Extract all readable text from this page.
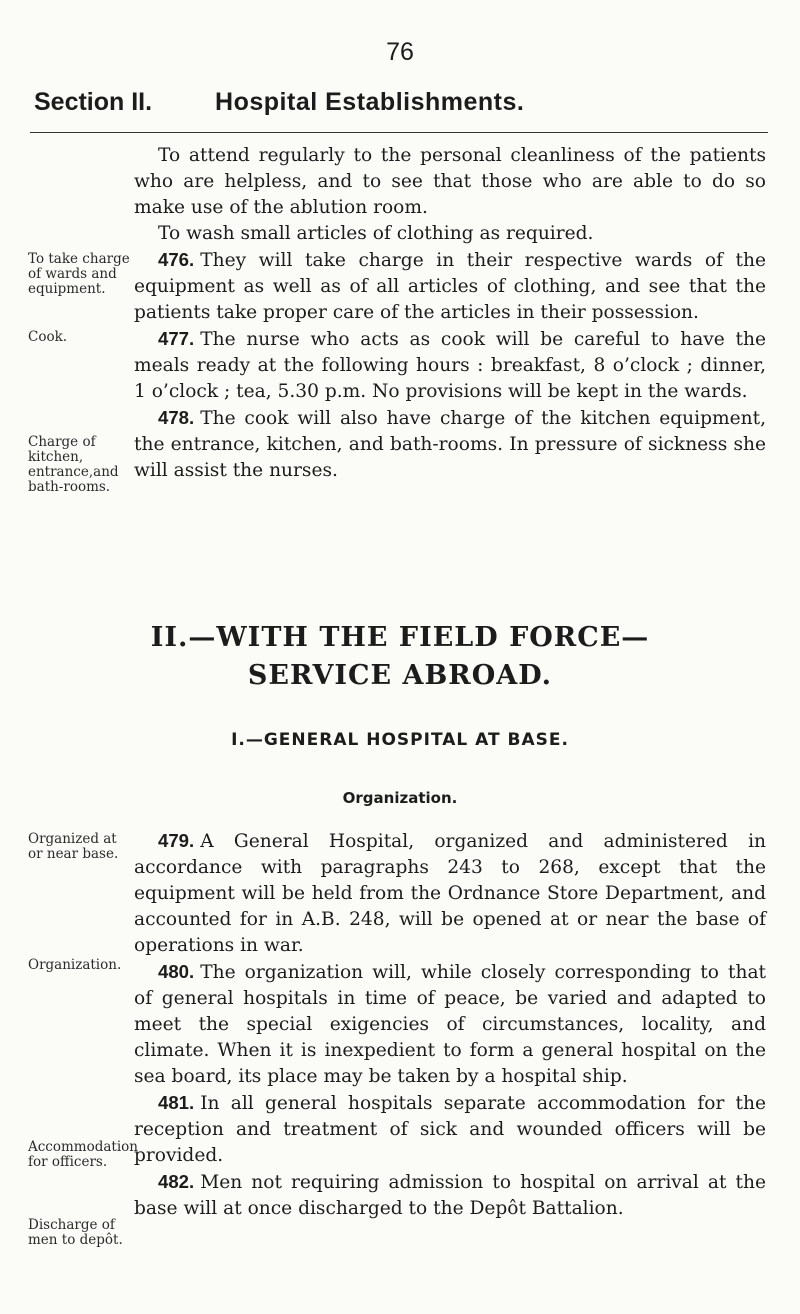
76
Section II.	Hospital Establishments.

To attend regularly to the personal cleanliness of the patients who are helpless, and to see that those who are able to do so make use of the ablution room.

To wash small articles of clothing as required.

476. They will take charge in their respective wards of the equipment as well as of all articles of clothing, and see that the patients take proper care of the articles in their possession.

477. The nurse who acts as cook will be careful to have the meals ready at the following hours : breakfast, 8 o’clock ; dinner, 1 o’clock ; tea, 5.30 p.m. No provisions will be kept in the wards.

478. The cook will also have charge of the kitchen equipment, the entrance, kitchen, and bath-rooms. In pressure of sickness she will assist the nurses.

To take charge of wards and equipment.
Cook.
Charge of kitchen, entrance,and bath-rooms.
II.—WITH THE FIELD FORCE—
SERVICE ABROAD.
I.—GENERAL HOSPITAL AT BASE.
Organization.

479. A General Hospital, organized and administered in accordance with paragraphs 243 to 268, except that the equipment will be held from the Ordnance Store Department, and accounted for in A.B. 248, will be opened at or near the base of operations in war.

480. The organization will, while closely corresponding to that of general hospitals in time of peace, be varied and adapted to meet the special exigencies of circumstances, locality, and climate. When it is inexpedient to form a general hospital on the sea board, its place may be taken by a hospital ship.

481. In all general hospitals separate accommodation for the reception and treatment of sick and wounded officers will be provided.

482. Men not requiring admission to hospital on arrival at the base will at once discharged to the Depôt Battalion.

Organized at or near base.
Organization.
Accommodation for officers.
Discharge of men to depôt.
